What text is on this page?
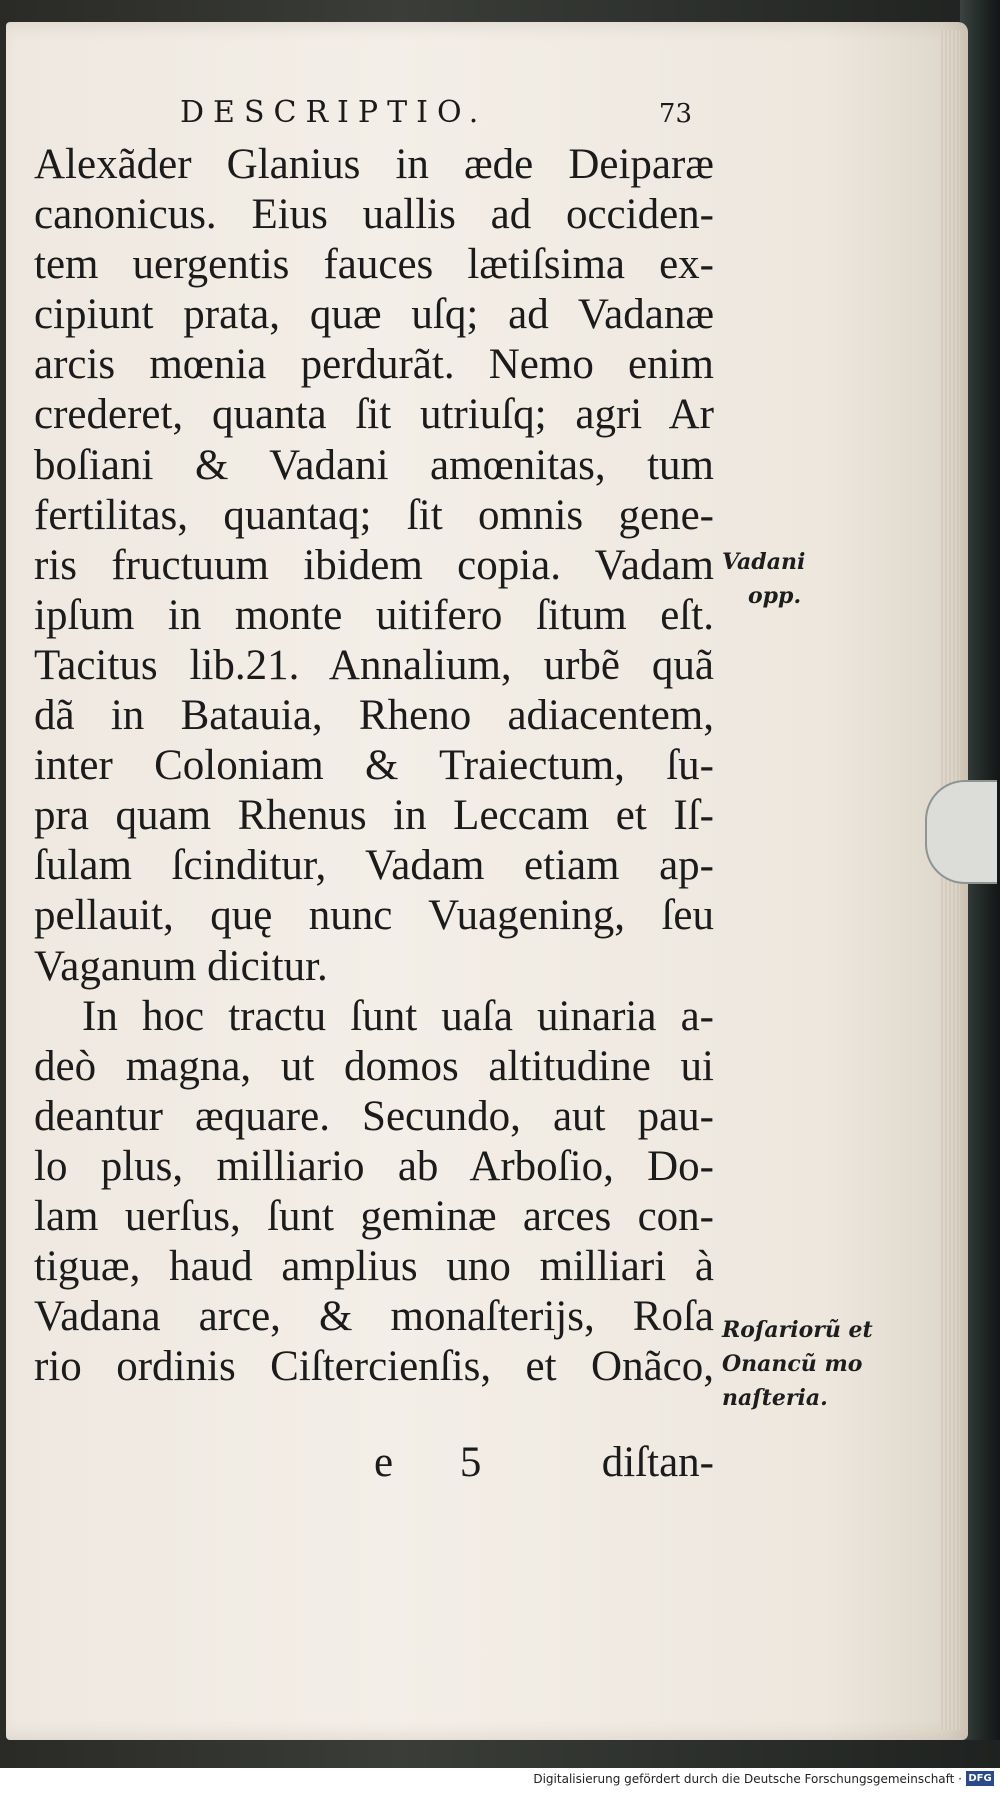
DESCRIPTIO.	73
Alexãder Glanius in æde Deiparæ
canonicus. Eius uallis ad occiden-
tem uergentis fauces lætiſsima ex-
cipiunt prata, quæ uſq; ad Vadanæ
arcis mœnia perdurãt. Nemo enim
crederet, quanta ſit utriuſq; agri Ar
boſiani & Vadani amœnitas, tum
fertilitas, quantaq; ſit omnis gene-
ris fructuum ibidem copia. Vadam
ipſum in monte uitifero ſitum eſt.
Tacitus lib.21. Annalium, urbẽ quã
dã in Batauia, Rheno adiacentem,
inter Coloniam & Traiectum, ſu-
pra quam Rhenus in Leccam et Iſ-
ſulam ſcinditur, Vadam etiam ap-
pellauit, quę nunc Vuagening, ſeu
Vaganum dicitur.
In hoc tractu ſunt uaſa uinaria a-
deò magna, ut domos altitudine ui
deantur æquare. Secundo, aut pau-
lo plus, milliario ab Arboſio, Do-
lam uerſus, ſunt geminæ arces con-
tiguæ, haud amplius uno milliari à
Vadana arce, & monaſterijs, Roſa
rio ordinis Ciſtercienſis, et Onãco,
e 5 diſtan-
Vadani
opp.
Roſariorũ et
Onancũ mo
naſteria.
Digitalisierung gefördert durch die Deutsche Forschungsgemeinschaft · DFG
